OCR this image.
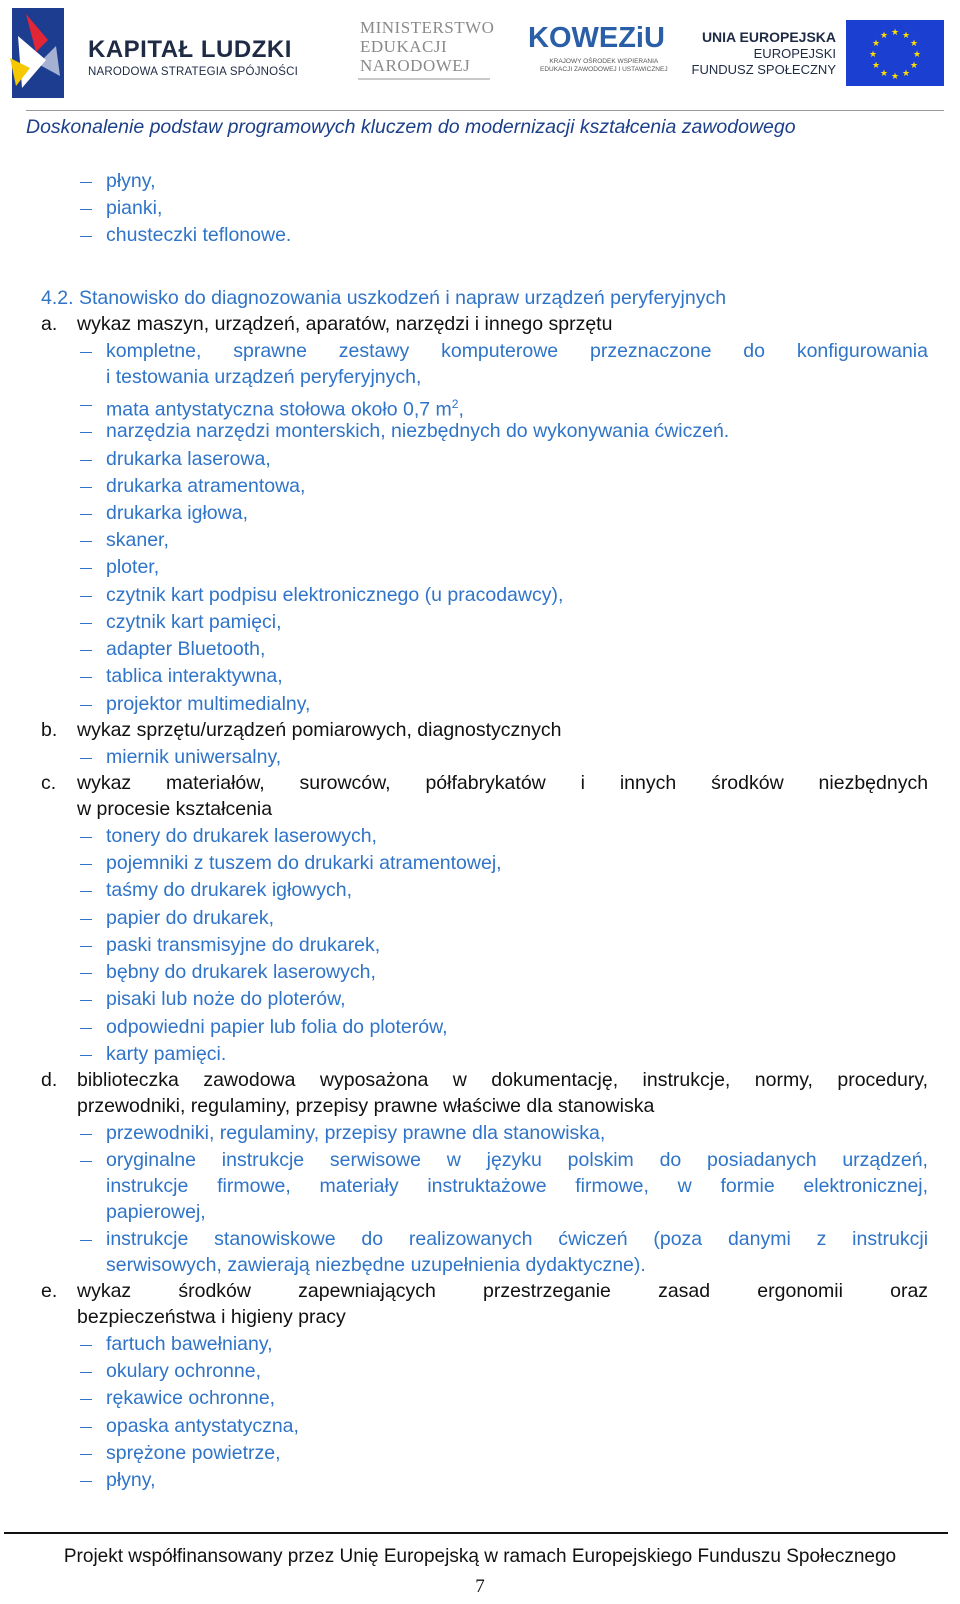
KAPITAŁ LUDZKI
NARODOWA STRATEGIA SPÓJNOŚCI
MINISTERSTWO
EDUKACJI
NARODOWEJ
KOWEZiU
KRAJOWY OŚRODEK WSPIERANIA
EDUKACJI ZAWODOWEJ I USTAWICZNEJ
UNIA EUROPEJSKA
EUROPEJSKI
FUNDUSZ SPOŁECZNY
★ ★
★
★
★
★
★
★
★
★
★
★
Doskonalenie podstaw programowych kluczem do modernizacji kształcenia zawodowego
płyny,
pianki,
chusteczki teflonowe.
4.2. Stanowisko do diagnozowania uszkodzeń i napraw urządzeń peryferyjnych
a. wykaz maszyn, urządzeń, aparatów, narzędzi i innego sprzętu
kompletne, sprawne zestawy komputerowe przeznaczone do konfigurowania
i testowania urządzeń peryferyjnych,
mata antystatyczna stołowa około 0,7 $m^2$,
narzędzia narzędzi monterskich, niezbędnych do wykonywania ćwiczeń.
drukarka laserowa,
drukarka atramentowa,
drukarka igłowa,
skaner,
ploter,
czytnik kart podpisu elektronicznego (u pracodawcy),
czytnik kart pamięci,
adapter Bluetooth,
tablica interaktywna,
projektor multimedialny,
b. wykaz sprzętu/urządzeń pomiarowych, diagnostycznych
miernik uniwersalny,
c. wykaz materiałów, surowców, półfabrykatów i innych środków niezbędnych
w procesie kształcenia
tonery do drukarek laserowych,
pojemniki z tuszem do drukarki atramentowej,
taśmy do drukarek igłowych,
papier do drukarek,
paski transmisyjne do drukarek,
bębny do drukarek laserowych,
pisaki lub noże do ploterów,
odpowiedni papier lub folia do ploterów,
karty pamięci.
d. biblioteczka zawodowa wyposażona w dokumentację, instrukcje, normy, procedury,
przewodniki, regulaminy, przepisy prawne właściwe dla stanowiska
przewodniki, regulaminy, przepisy prawne dla stanowiska,
oryginalne instrukcje serwisowe w języku polskim do posiadanych urządzeń,
instrukcje firmowe, materiały instruktażowe firmowe, w formie elektronicznej,
papierowej,
instrukcje stanowiskowe do realizowanych ćwiczeń (poza danymi z instrukcji
serwisowych, zawierają niezbędne uzupełnienia dydaktyczne).
e. wykaz środków zapewniających przestrzeganie zasad ergonomii oraz
bezpieczeństwa i higieny pracy
fartuch bawełniany,
okulary ochronne,
rękawice ochronne,
opaska antystatyczna,
sprężone powietrze,
płyny,
Projekt współfinansowany przez Unię Europejską w ramach Europejskiego Funduszu Społecznego
7
